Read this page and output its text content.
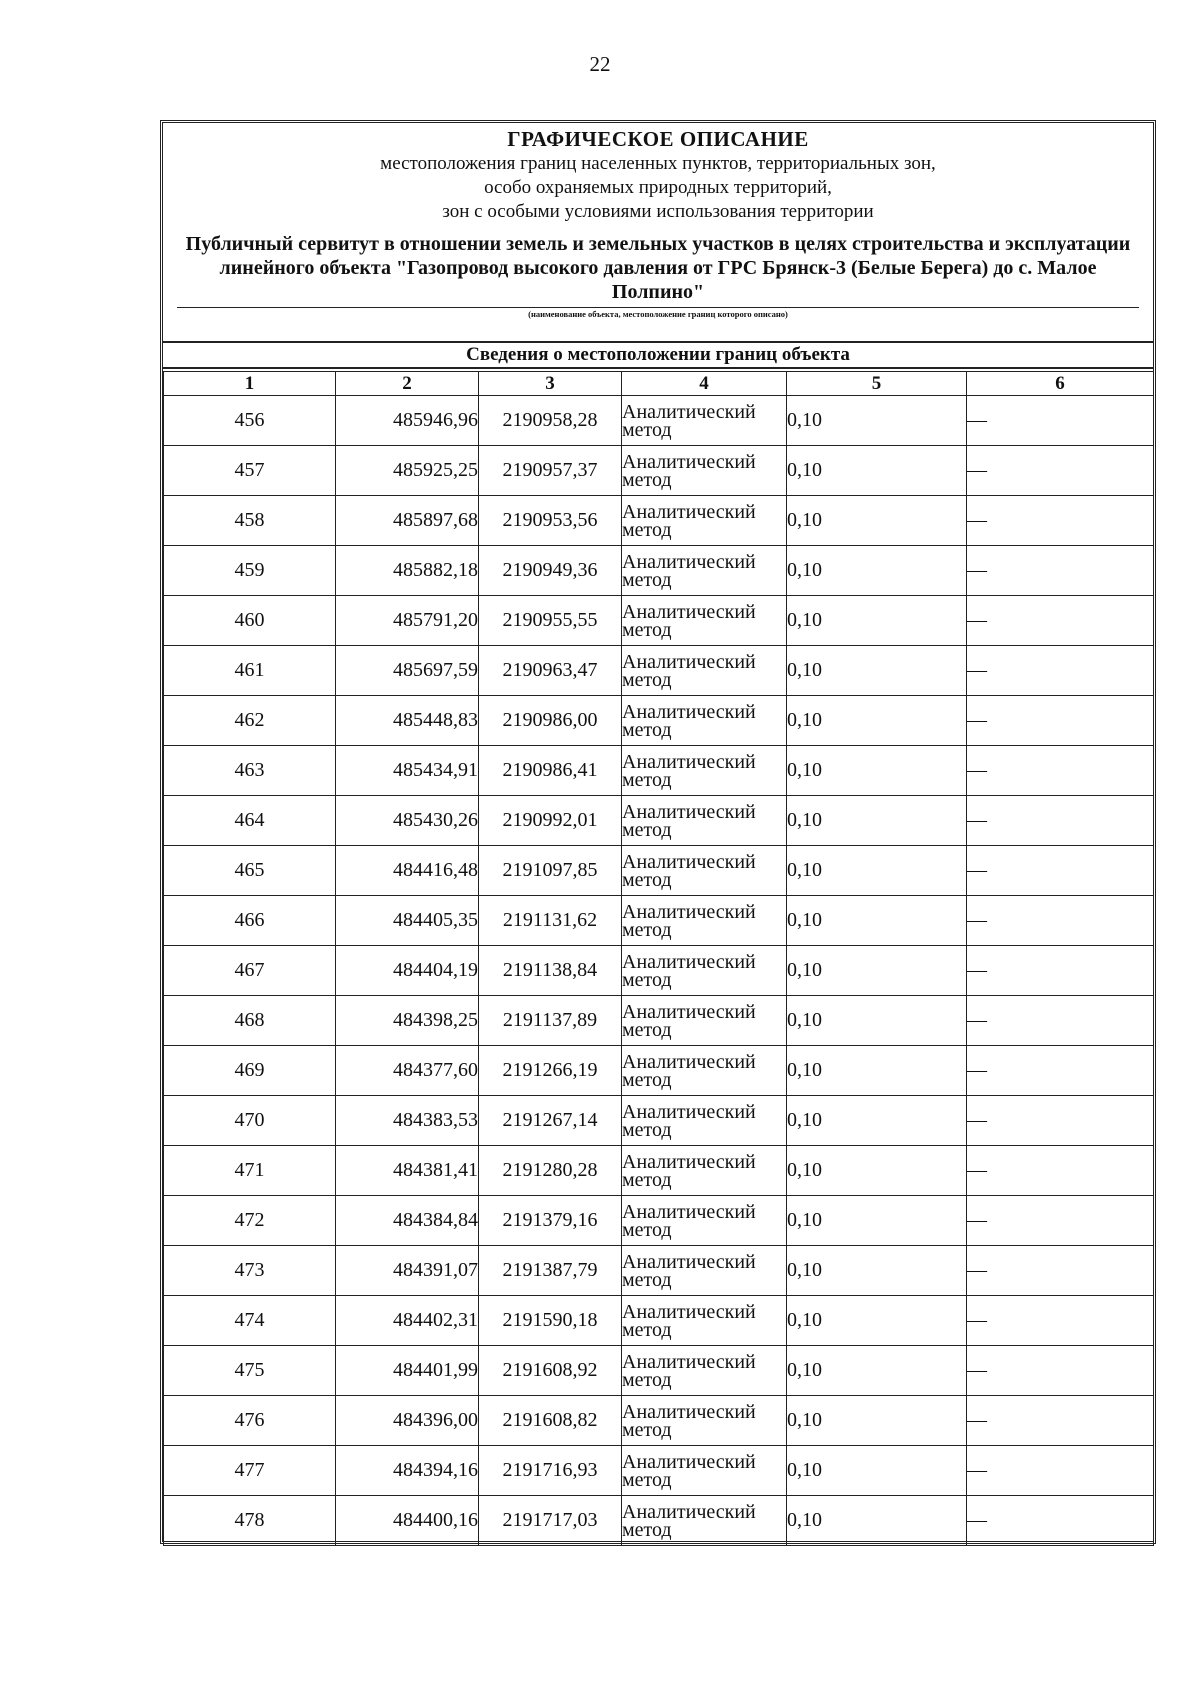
22
ГРАФИЧЕСКОЕ ОПИСАНИЕ
местоположения границ населенных пунктов, территориальных зон,
особо охраняемых природных территорий,
зон с особыми условиями использования территории
Публичный сервитут в отношении земель и земельных участков в целях строительства и эксплуатации линейного объекта "Газопровод высокого давления от ГРС Брянск-3 (Белые Берега) до с. Малое Полпино"
(наименование объекта, местоположение границ которого описано)
Сведения о местоположении границ объекта
1	2	3	4	5	6
456	485946,96	2190958,28	Аналитический метод	0,10	—
457	485925,25	2190957,37	Аналитический метод	0,10	—
458	485897,68	2190953,56	Аналитический метод	0,10	—
459	485882,18	2190949,36	Аналитический метод	0,10	—
460	485791,20	2190955,55	Аналитический метод	0,10	—
461	485697,59	2190963,47	Аналитический метод	0,10	—
462	485448,83	2190986,00	Аналитический метод	0,10	—
463	485434,91	2190986,41	Аналитический метод	0,10	—
464	485430,26	2190992,01	Аналитический метод	0,10	—
465	484416,48	2191097,85	Аналитический метод	0,10	—
466	484405,35	2191131,62	Аналитический метод	0,10	—
467	484404,19	2191138,84	Аналитический метод	0,10	—
468	484398,25	2191137,89	Аналитический метод	0,10	—
469	484377,60	2191266,19	Аналитический метод	0,10	—
470	484383,53	2191267,14	Аналитический метод	0,10	—
471	484381,41	2191280,28	Аналитический метод	0,10	—
472	484384,84	2191379,16	Аналитический метод	0,10	—
473	484391,07	2191387,79	Аналитический метод	0,10	—
474	484402,31	2191590,18	Аналитический метод	0,10	—
475	484401,99	2191608,92	Аналитический метод	0,10	—
476	484396,00	2191608,82	Аналитический метод	0,10	—
477	484394,16	2191716,93	Аналитический метод	0,10	—
478	484400,16	2191717,03	Аналитический метод	0,10	—
